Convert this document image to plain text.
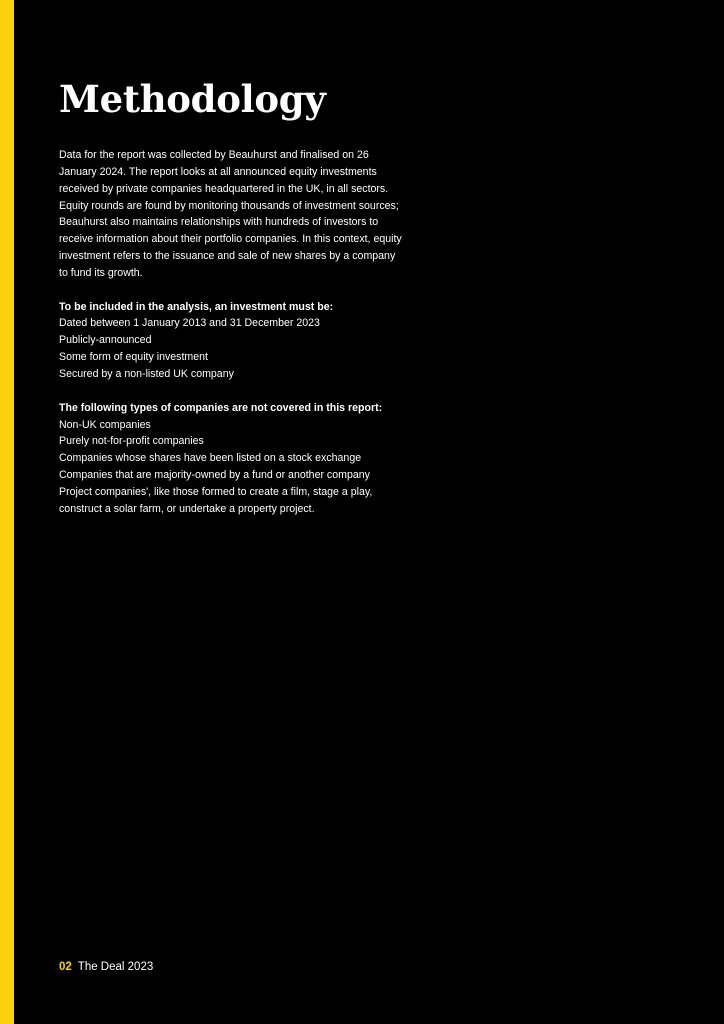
Methodology

Data for the report was collected by Beauhurst and finalised on 26 January 2024. The report looks at all announced equity investments received by private companies headquartered in the UK, in all sectors. Equity rounds are found by monitoring thousands of investment sources; Beauhurst also maintains relationships with hundreds of investors to receive information about their portfolio companies. In this context, equity investment refers to the issuance and sale of new shares by a company to fund its growth.

To be included in the analysis, an investment must be:
Dated between 1 January 2013 and 31 December 2023
Publicly-announced
Some form of equity investment
Secured by a non-listed UK company
The following types of companies are not covered in this report:
Non-UK companies
Purely not-for-profit companies
Companies whose shares have been listed on a stock exchange
Companies that are majority-owned by a fund or another company

Project companies', like those formed to create a film, stage a play, construct a solar farm, or undertake a property project.

02 The Deal 2023
